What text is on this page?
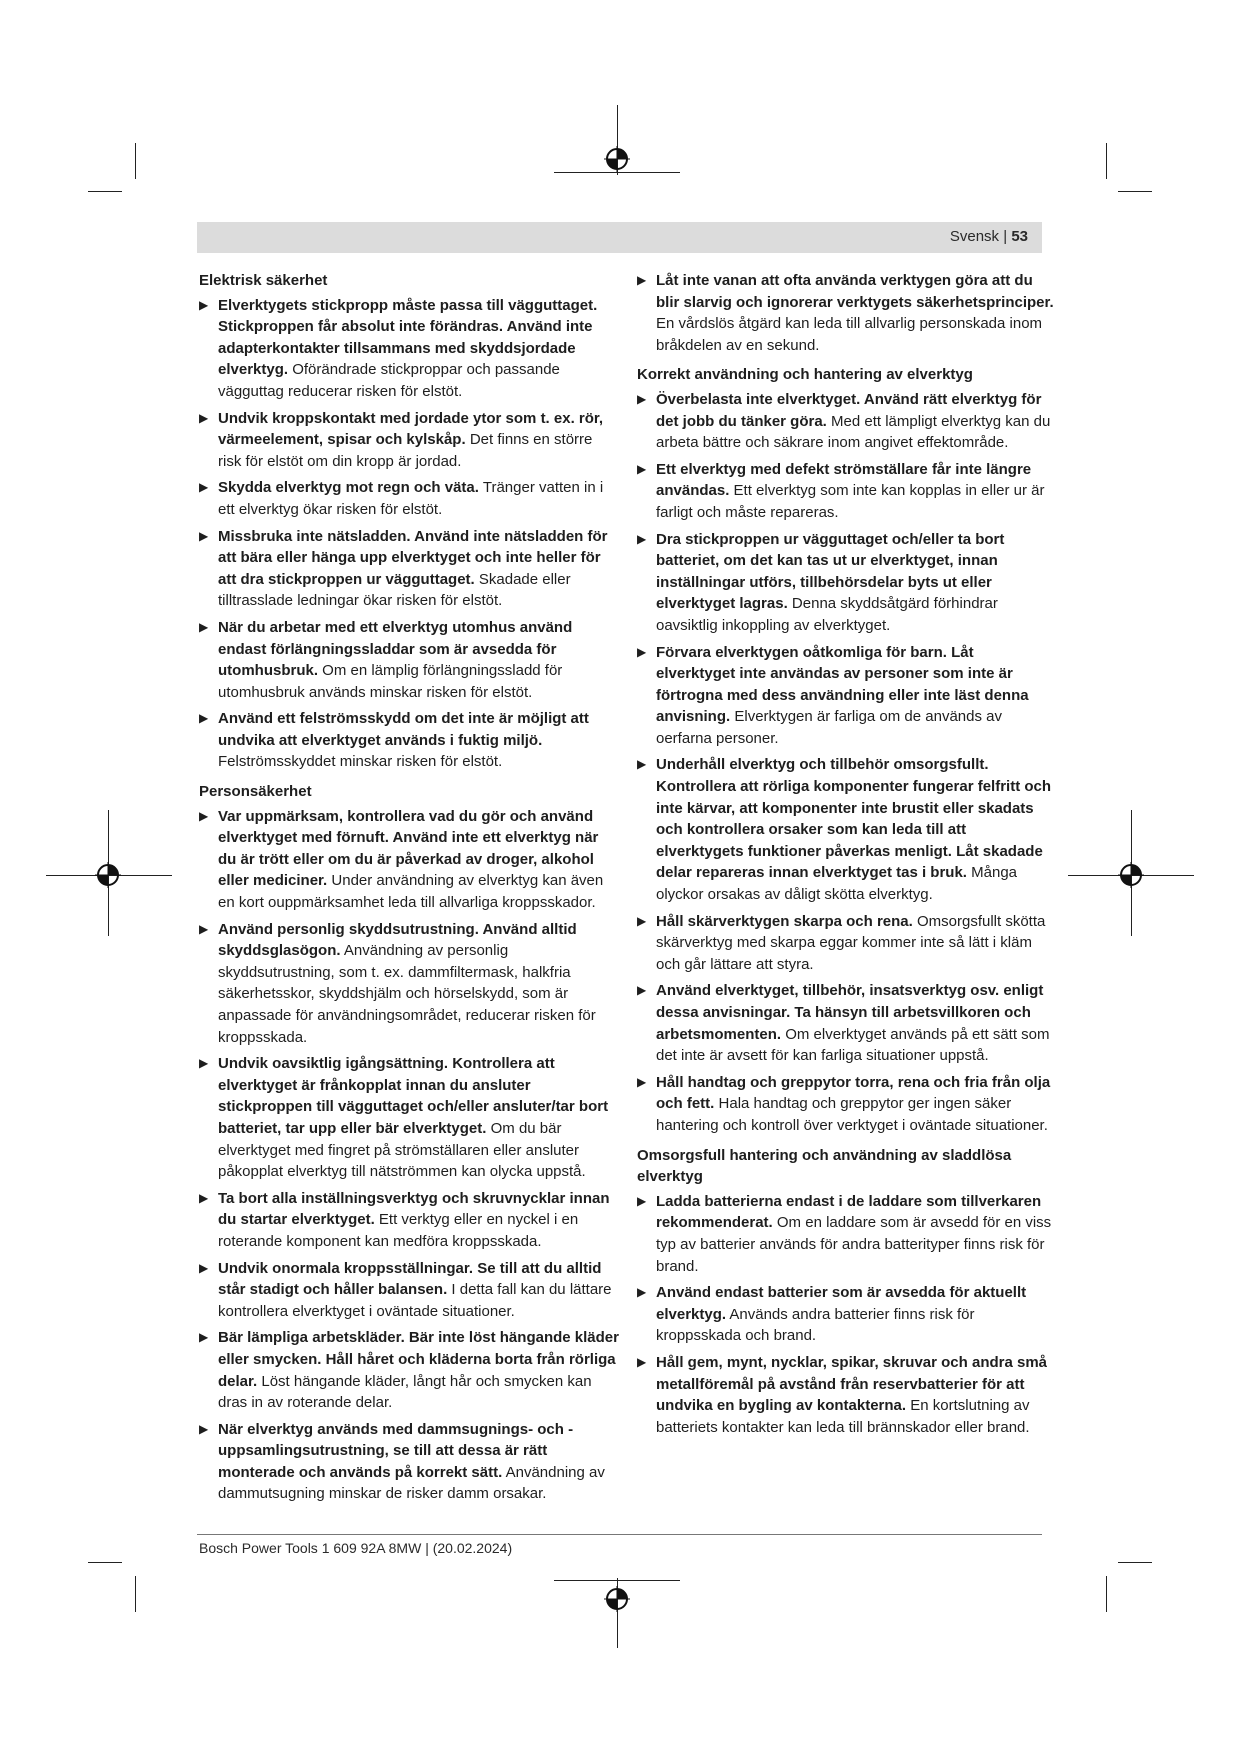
Svensk | 53
Elektrisk säkerhet
▶ Elverktygets stickpropp måste passa till vägguttaget. Stickproppen får absolut inte förändras. Använd inte adapterkontakter tillsammans med skyddsjordade elverktyg. Oförändrade stickproppar och passande vägguttag reducerar risken för elstöt.
▶ Undvik kroppskontakt med jordade ytor som t. ex. rör, värmeelement, spisar och kylskåp. Det finns en större risk för elstöt om din kropp är jordad.
▶ Skydda elverktyg mot regn och väta. Tränger vatten in i ett elverktyg ökar risken för elstöt.
▶ Missbruka inte nätsladden. Använd inte nätsladden för att bära eller hänga upp elverktyget och inte heller för att dra stickproppen ur vägguttaget. Skadade eller tilltrasslade ledningar ökar risken för elstöt.
▶ När du arbetar med ett elverktyg utomhus använd endast förlängningssladdar som är avsedda för utomhusbruk. Om en lämplig förlängningssladd för utomhusbruk används minskar risken för elstöt.
▶ Använd ett felströmsskydd om det inte är möjligt att undvika att elverktyget används i fuktig miljö. Felströmsskyddet minskar risken för elstöt.
Personsäkerhet
▶ Var uppmärksam, kontrollera vad du gör och använd elverktyget med förnuft. Använd inte ett elverktyg när du är trött eller om du är påverkad av droger, alkohol eller mediciner. Under användning av elverktyg kan även en kort ouppmärksamhet leda till allvarliga kroppsskador.
▶ Använd personlig skyddsutrustning. Använd alltid skyddsglasögon. Användning av personlig skyddsutrustning, som t. ex. dammfiltermask, halkfria säkerhetsskor, skyddshjälm och hörselskydd, som är anpassade för användningsområdet, reducerar risken för kroppsskada.
▶ Undvik oavsiktlig igångsättning. Kontrollera att elverktyget är frånkopplat innan du ansluter stickproppen till vägguttaget och/eller ansluter/tar bort batteriet, tar upp eller bär elverktyget. Om du bär elverktyget med fingret på strömställaren eller ansluter påkopplat elverktyg till nätströmmen kan olycka uppstå.
▶ Ta bort alla inställningsverktyg och skruvnycklar innan du startar elverktyget. Ett verktyg eller en nyckel i en roterande komponent kan medföra kroppsskada.
▶ Undvik onormala kroppsställningar. Se till att du alltid står stadigt och håller balansen. I detta fall kan du lättare kontrollera elverktyget i oväntade situationer.
▶ Bär lämpliga arbetskläder. Bär inte löst hängande kläder eller smycken. Håll håret och kläderna borta från rörliga delar. Löst hängande kläder, långt hår och smycken kan dras in av roterande delar.
▶ När elverktyg används med dammsugnings- och -uppsamlingsutrustning, se till att dessa är rätt monterade och används på korrekt sätt. Användning av dammutsugning minskar de risker damm orsakar.
▶ Låt inte vanan att ofta använda verktygen göra att du blir slarvig och ignorerar verktygets säkerhetsprinciper. En vårdslös åtgärd kan leda till allvarlig personskada inom bråkdelen av en sekund.
Korrekt användning och hantering av elverktyg
▶ Överbelasta inte elverktyget. Använd rätt elverktyg för det jobb du tänker göra. Med ett lämpligt elverktyg kan du arbeta bättre och säkrare inom angivet effektområde.
▶ Ett elverktyg med defekt strömställare får inte längre användas. Ett elverktyg som inte kan kopplas in eller ur är farligt och måste repareras.
▶ Dra stickproppen ur vägguttaget och/eller ta bort batteriet, om det kan tas ut ur elverktyget, innan inställningar utförs, tillbehörsdelar byts ut eller elverktyget lagras. Denna skyddsåtgärd förhindrar oavsiktlig inkoppling av elverktyget.
▶ Förvara elverktygen oåtkomliga för barn. Låt elverktyget inte användas av personer som inte är förtrogna med dess användning eller inte läst denna anvisning. Elverktygen är farliga om de används av oerfarna personer.
▶ Underhåll elverktyg och tillbehör omsorgsfullt. Kontrollera att rörliga komponenter fungerar felfritt och inte kärvar, att komponenter inte brustit eller skadats och kontrollera orsaker som kan leda till att elverktygets funktioner påverkas menligt. Låt skadade delar repareras innan elverktyget tas i bruk. Många olyckor orsakas av dåligt skötta elverktyg.
▶ Håll skärverktygen skarpa och rena. Omsorgsfullt skötta skärverktyg med skarpa eggar kommer inte så lätt i kläm och går lättare att styra.
▶ Använd elverktyget, tillbehör, insatsverktyg osv. enligt dessa anvisningar. Ta hänsyn till arbetsvillkoren och arbetsmomenten. Om elverktyget används på ett sätt som det inte är avsett för kan farliga situationer uppstå.
▶ Håll handtag och greppytor torra, rena och fria från olja och fett. Hala handtag och greppytor ger ingen säker hantering och kontroll över verktyget i oväntade situationer.
Omsorgsfull hantering och användning av sladdlösa elverktyg
▶ Ladda batterierna endast i de laddare som tillverkaren rekommenderat. Om en laddare som är avsedd för en viss typ av batterier används för andra batterityper finns risk för brand.
▶ Använd endast batterier som är avsedda för aktuellt elverktyg. Används andra batterier finns risk för kroppsskada och brand.
▶ Håll gem, mynt, nycklar, spikar, skruvar och andra små metallföremål på avstånd från reservbatterier för att undvika en bygling av kontakterna. En kortslutning av batteriets kontakter kan leda till brännskador eller brand.
Bosch Power Tools 1 609 92A 8MW | (20.02.2024)
